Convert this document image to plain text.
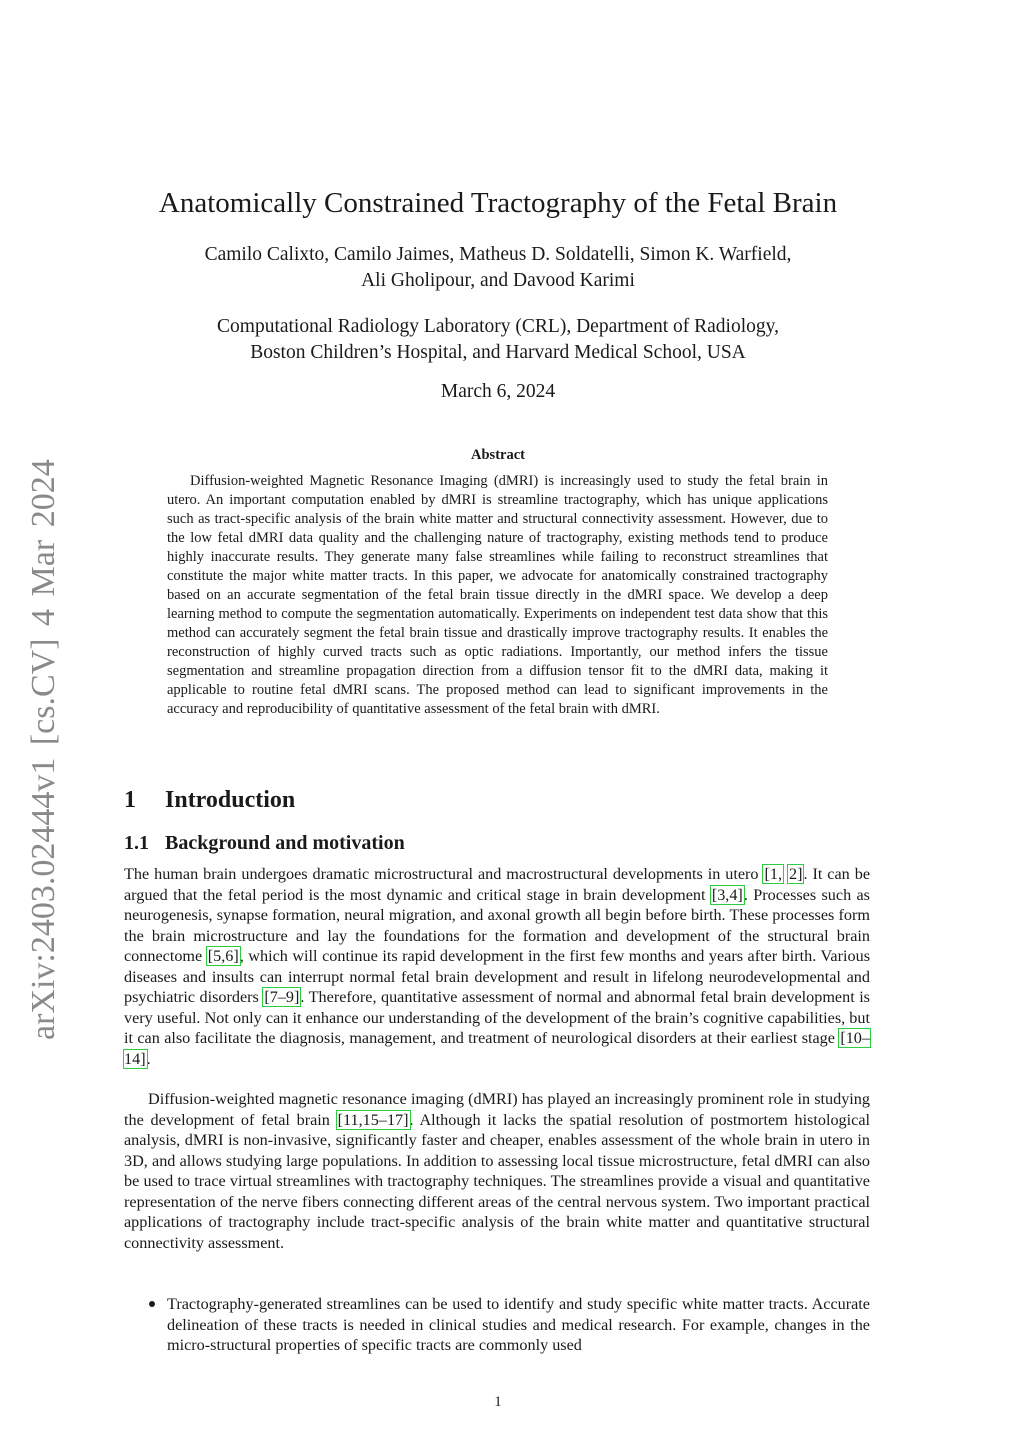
arXiv:2403.02444v1 [cs.CV] 4 Mar 2024
Anatomically Constrained Tractography of the Fetal Brain
Camilo Calixto, Camilo Jaimes, Matheus D. Soldatelli, Simon K. Warfield,
Ali Gholipour, and Davood Karimi
Computational Radiology Laboratory (CRL), Department of Radiology,
Boston Children’s Hospital, and Harvard Medical School, USA
March 6, 2024
Abstract

Diffusion-weighted Magnetic Resonance Imaging (dMRI) is increasingly used to study the fetal brain in utero. An important computation enabled by dMRI is streamline tractography, which has unique applications such as tract-specific analysis of the brain white matter and structural connectivity assessment. However, due to the low fetal dMRI data quality and the challenging nature of tractography, existing methods tend to produce highly inaccurate results. They generate many false streamlines while failing to reconstruct streamlines that constitute the major white matter tracts. In this paper, we advocate for anatomically constrained tractography based on an accurate segmentation of the fetal brain tissue directly in the dMRI space. We develop a deep learning method to compute the segmentation automatically. Experiments on independent test data show that this method can accurately segment the fetal brain tissue and drastically improve tractography results. It enables the reconstruction of highly curved tracts such as optic radiations. Importantly, our method infers the tissue segmentation and streamline propagation direction from a diffusion tensor fit to the dMRI data, making it applicable to routine fetal dMRI scans. The proposed method can lead to significant improvements in the accuracy and reproducibility of quantitative assessment of the fetal brain with dMRI.

1 Introduction
1.1 Background and motivation

The human brain undergoes dramatic microstructural and macrostructural developments in utero [1, 2]. It can be argued that the fetal period is the most dynamic and critical stage in brain development [3,4]. Processes such as neurogenesis, synapse formation, neural migration, and axonal growth all begin before birth. These processes form the brain microstructure and lay the foundations for the formation and development of the structural brain connectome [5,6], which will continue its rapid development in the first few months and years after birth. Various diseases and insults can interrupt normal fetal brain development and result in lifelong neurodevelopmental and psychiatric disorders [7–9]. Therefore, quantitative assessment of normal and abnormal fetal brain development is very useful. Not only can it enhance our understanding of the development of the brain’s cognitive capabilities, but it can also facilitate the diagnosis, management, and treatment of neurological disorders at their earliest stage [10–14].

Diffusion-weighted magnetic resonance imaging (dMRI) has played an increasingly prominent role in studying the development of fetal brain [11,15–17]. Although it lacks the spatial resolution of postmortem histological analysis, dMRI is non-invasive, significantly faster and cheaper, enables assessment of the whole brain in utero in 3D, and allows studying large populations. In addition to assessing local tissue microstructure, fetal dMRI can also be used to trace virtual streamlines with tractography techniques. The streamlines provide a visual and quantitative representation of the nerve fibers connecting different areas of the central nervous system. Two important practical applications of tractography include tract-specific analysis of the brain white matter and quantitative structural connectivity assessment.

Tractography-generated streamlines can be used to identify and study specific white matter tracts. Accurate delineation of these tracts is needed in clinical studies and medical research. For example, changes in the micro-structural properties of specific tracts are commonly used
1
